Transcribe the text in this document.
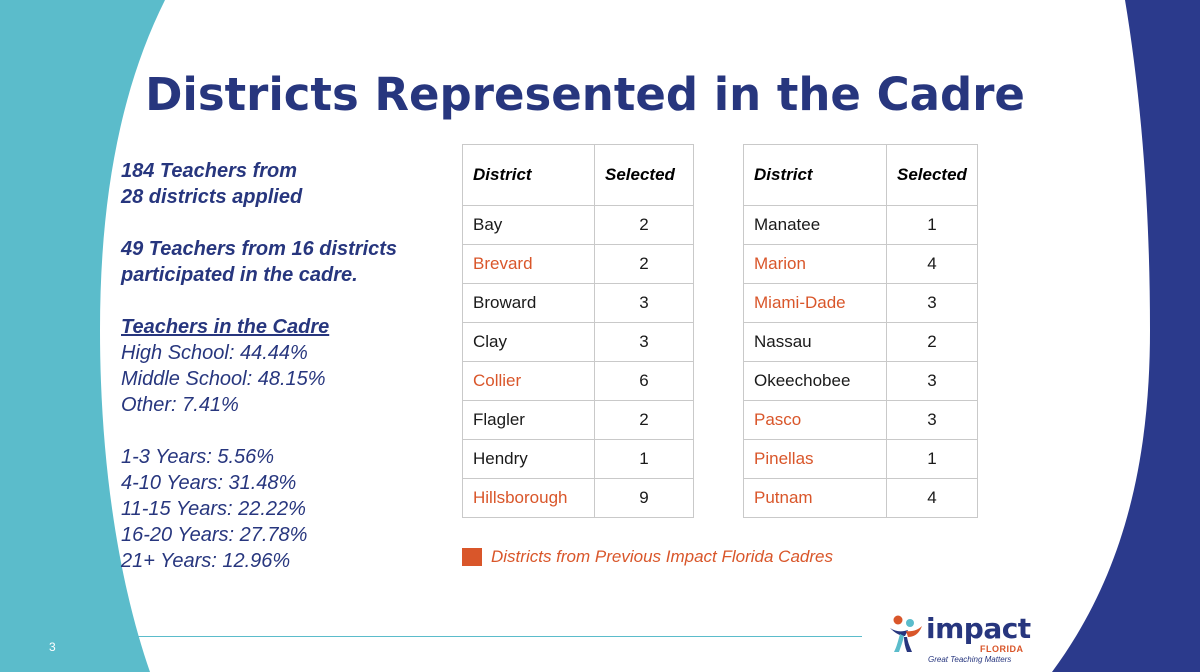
Districts Represented in the Cadre
184 Teachers from
28 districts applied
49 Teachers from 16 districts
participated in the cadre.
Teachers in the Cadre
High School: 44.44%
Middle School: 48.15%
Other: 7.41%
1-3 Years: 5.56%
4-10 Years: 31.48%
11-15 Years: 22.22%
16-20 Years: 27.78%
21+ Years: 12.96%
District	Selected
Bay	2
Brevard	2
Broward	3
Clay	3
Collier	6
Flagler	2
Hendry	1
Hillsborough	9
District	Selected
Manatee	1
Marion	4
Miami-Dade	3
Nassau	2
Okeechobee	3
Pasco	3
Pinellas	1
Putnam	4
Districts from Previous Impact Florida Cadres
3
impact
FLORIDA
Great Teaching Matters
